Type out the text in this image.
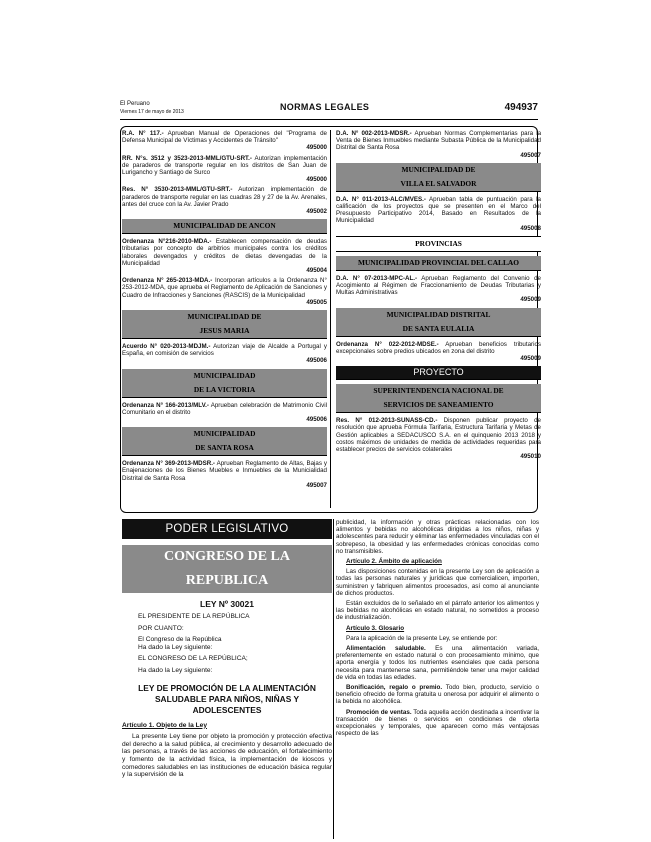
El Peruano
Viernes 17 de mayo de 2013	NORMAS LEGALES	494937
R.A. N° 117.- Aprueban Manual de Operaciones del "Programa de Defensa Municipal de Víctimas y Accidentes de Tránsito"
495000
RR. N°s. 3512 y 3523-2013-MML/GTU-SRT.- Autorizan implementación de paraderos de transporte regular en los distritos de San Juan de Lurigancho y Santiago de Surco
495000
Res. N° 3530-2013-MML/GTU-SRT.- Autorizan implementación de paraderos de transporte regular en las cuadras 28 y 27 de la Av. Arenales, antes del cruce con la Av. Javier Prado
495002
MUNICIPALIDAD DE ANCON
Ordenanza N°216-2010-MDA.- Establecen compensación de deudas tributarias por concepto de arbitrios municipales contra los créditos laborales devengados y créditos de dietas devengadas de la Municipalidad
495004
Ordenanza N° 265-2013-MDA.- Incorporan artículos a la Ordenanza N° 253-2012-MDA, que aprueba el Reglamento de Aplicación de Sanciones y Cuadro de Infracciones y Sanciones (RASCIS) de la Municipalidad
495005
MUNICIPALIDAD DE
JESUS MARIA
Acuerdo N° 020-2013-MDJM.- Autorizan viaje de Alcalde a Portugal y España, en comisión de servicios
495006
MUNICIPALIDAD
DE LA VICTORIA
Ordenanza N° 166-2013/MLV.- Aprueban celebración de Matrimonio Civil Comunitario en el distrito
495006
MUNICIPALIDAD
DE SANTA ROSA
Ordenanza N° 369-2013-MDSR.- Aprueban Reglamento de Altas, Bajas y Enajenaciones de los Bienes Muebles e Inmuebles de la Municialidad Distrital de Santa Rosa
495007
D.A. N° 002-2013-MDSR.- Aprueban Normas Complementarias para la Venta de Bienes Inmuebles mediante Subasta Pública de la Municipalidad Distrital de Santa Rosa
495007
MUNICIPALIDAD DE
VILLA EL SALVADOR
D.A. N° 011-2013-ALC/MVES.- Aprueban tabla de puntuación para la calificación de los proyectos que se presenten en el Marco del Presupuesto Participativo 2014, Basado en Resultados de la Municipalidad
495008
PROVINCIAS
MUNICIPALIDAD PROVINCIAL DEL CALLAO
D.A. N° 07-2013-MPC-AL.- Aprueban Reglamento del Convenio de Acogimiento al Régimen de Fraccionamiento de Deudas Tributarias y Multas Administrativas
495009
MUNICIPALIDAD DISTRITAL
DE SANTA EULALIA
Ordenanza N° 022-2012-MDSE.- Aprueban beneficios tributarios excepcionales sobre predios ubicados en zona del distrito
495009
PROYECTO
SUPERINTENDENCIA NACIONAL DE
SERVICIOS DE SANEAMIENTO
Res. N° 012-2013-SUNASS-CD.- Disponen publicar proyecto de resolución que aprueba Fórmula Tarifaria, Estructura Tarifaria y Metas de Gestión aplicables a SEDACUSCO S.A. en el quinquenio 2013 2018 y costos máximos de unidades de medida de actividades requeridas para establecer precios de servicios colaterales
495010
PODER LEGISLATIVO
CONGRESO DE LA REPUBLICA
LEY Nº 30021

EL PRESIDENTE DE LA REPÚBLICA

POR CUANTO:

El Congreso de la República

Ha dado la Ley siguiente:

EL CONGRESO DE LA REPÚBLICA;

Ha dado la Ley siguiente:

LEY DE PROMOCIÓN DE LA ALIMENTACIÓN SALUDABLE PARA NIÑOS, NIÑAS Y ADOLESCENTES

Artículo 1. Objeto de la Ley

La presente Ley tiene por objeto la promoción y protección efectiva del derecho a la salud pública, al crecimiento y desarrollo adecuado de las personas, a través de las acciones de educación, el fortalecimiento y fomento de la actividad física, la implementación de kioscos y comedores saludables en las instituciones de educación básica regular y la supervisión de la

publicidad, la información y otras prácticas relacionadas con los alimentos y bebidas no alcohólicas dirigidas a los niños, niñas y adolescentes para reducir y eliminar las enfermedades vinculadas con el sobrepeso, la obesidad y las enfermedades crónicas conocidas como no transmisibles.

Artículo 2. Ámbito de aplicación

Las disposiciones contenidas en la presente Ley son de aplicación a todas las personas naturales y jurídicas que comercialicen, importen, suministren y fabriquen alimentos procesados, así como al anunciante de dichos productos.

Están excluidos de lo señalado en el párrafo anterior los alimentos y las bebidas no alcohólicas en estado natural, no sometidos a proceso de industrialización.

Artículo 3. Glosario

Para la aplicación de la presente Ley, se entiende por:

Alimentación saludable. Es una alimentación variada, preferentemente en estado natural o con procesamiento mínimo, que aporta energía y todos los nutrientes esenciales que cada persona necesita para mantenerse sana, permitiéndole tener una mejor calidad de vida en todas las edades.

Bonificación, regalo o premio. Todo bien, producto, servicio o beneficio ofrecido de forma gratuita u onerosa por adquirir el alimento o la bebida no alcohólica.

Promoción de ventas. Toda aquella acción destinada a incentivar la transacción de bienes o servicios en condiciones de oferta excepcionales y temporales, que aparecen como más ventajosas respecto de las
